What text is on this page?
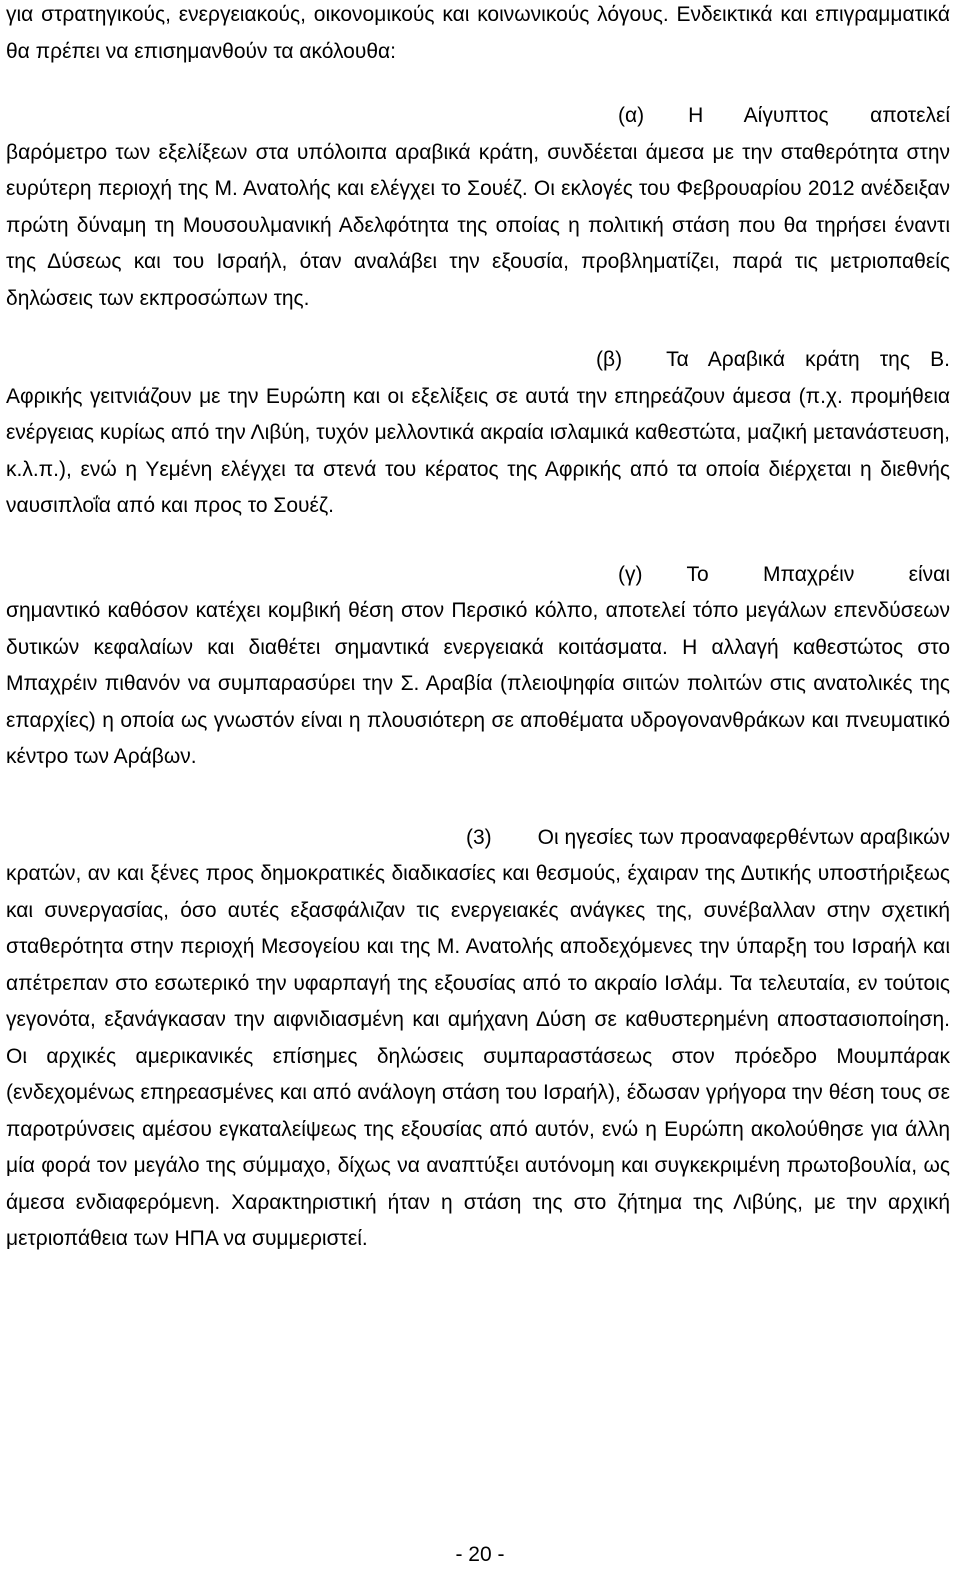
για στρατηγικούς, ενεργειακούς, οικονομικούς και κοινωνικούς λόγους. Ενδεικτικά και επιγραμματικά θα πρέπει να επισημανθούν τα ακόλουθα:

(α) Η Αίγυπτος αποτελεί βαρόμετρο των εξελίξεων στα υπόλοιπα αραβικά κράτη, συνδέεται άμεσα με την σταθερότητα στην ευρύτερη περιοχή της Μ. Ανατολής και ελέγχει το Σουέζ. Οι εκλογές του Φεβρουαρίου 2012 ανέδειξαν πρώτη δύναμη τη Μουσουλμανική Αδελφότητα της οποίας η πολιτική στάση που θα τηρήσει έναντι της Δύσεως και του Ισραήλ, όταν αναλάβει την εξουσία, προβληματίζει, παρά τις μετριοπαθείς δηλώσεις των εκπροσώπων της.

(β) Τα Αραβικά κράτη της Β. Αφρικής γειτνιάζουν με την Ευρώπη και οι εξελίξεις σε αυτά την επηρεάζουν άμεσα (π.χ. προμήθεια ενέργειας κυρίως από την Λιβύη, τυχόν μελλοντικά ακραία ισλαμικά καθεστώτα, μαζική μετανάστευση, κ.λ.π.), ενώ η Υεμένη ελέγχει τα στενά του κέρατος της Αφρικής από τα οποία διέρχεται η διεθνής ναυσιπλοΐα από και προς το Σουέζ.

(γ) Το Μπαχρέιν είναι σημαντικό καθόσον κατέχει κομβική θέση στον Περσικό κόλπο, αποτελεί τόπο μεγάλων επενδύσεων δυτικών κεφαλαίων και διαθέτει σημαντικά ενεργειακά κοιτάσματα. Η αλλαγή καθεστώτος στο Μπαχρέιν πιθανόν να συμπαρασύρει την Σ. Αραβία (πλειοψηφία σιιτών πολιτών στις ανατολικές της επαρχίες) η οποία ως γνωστόν είναι η πλουσιότερη σε αποθέματα υδρογονανθράκων και πνευματικό κέντρο των Αράβων.

(3) Οι ηγεσίες των προαναφερθέντων αραβικών κρατών, αν και ξένες προς δημοκρατικές διαδικασίες και θεσμούς, έχαιραν της Δυτικής υποστήριξεως και συνεργασίας, όσο αυτές εξασφάλιζαν τις ενεργειακές ανάγκες της, συνέβαλλαν στην σχετική σταθερότητα στην περιοχή Μεσογείου και της Μ. Ανατολής αποδεχόμενες την ύπαρξη του Ισραήλ και απέτρεπαν στο εσωτερικό την υφαρπαγή της εξουσίας από το ακραίο Ισλάμ. Τα τελευταία, εν τούτοις γεγονότα, εξανάγκασαν την αιφνιδιασμένη και αμήχανη Δύση σε καθυστερημένη αποστασιοποίηση. Οι αρχικές αμερικανικές επίσημες δηλώσεις συμπαραστάσεως στον πρόεδρο Μουμπάρακ (ενδεχομένως επηρεασμένες και από ανάλογη στάση του Ισραήλ), έδωσαν γρήγορα την θέση τους σε παροτρύνσεις αμέσου εγκαταλείψεως της εξουσίας από αυτόν, ενώ η Ευρώπη ακολούθησε για άλλη μία φορά τον μεγάλο της σύμμαχο, δίχως να αναπτύξει αυτόνομη και συγκεκριμένη πρωτοβουλία, ως άμεσα ενδιαφερόμενη. Χαρακτηριστική ήταν η στάση της στο ζήτημα της Λιβύης, με την αρχική μετριοπάθεια των ΗΠΑ να συμμεριστεί.

- 20 -
